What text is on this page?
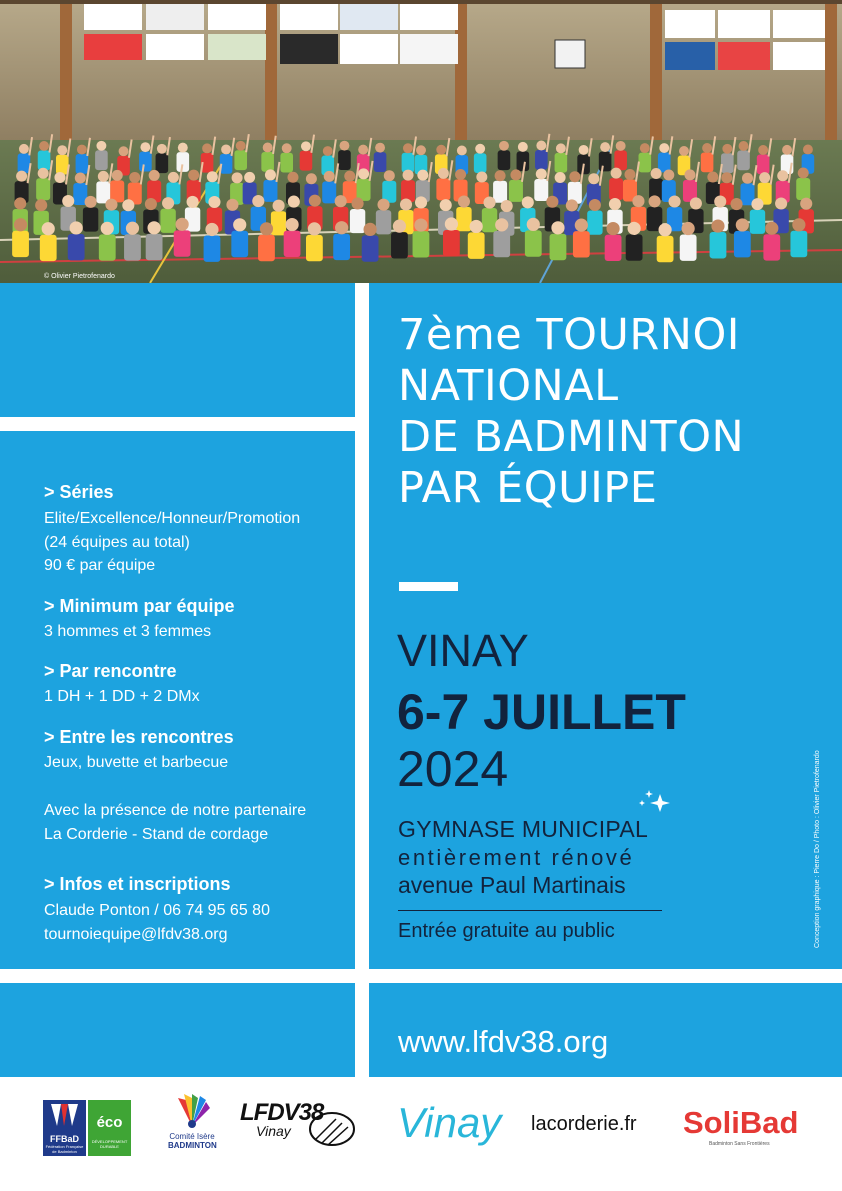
© Olivier Pietrofenardo
7ème TOURNOI
NATIONAL
DE BADMINTON
PAR ÉQUIPE
VINAY
6-7 JUILLET
2024
GYMNASE MUNICIPAL
entièrement rénové
avenue Paul Martinais
Entrée gratuite au public	Conception graphique : Pierre Do / Photo : Olivier Pietrofenardo
www.lfdv38.org
> Séries
Elite/Excellence/Honneur/Promotion
(24 équipes au total)
90 € par équipe
> Minimum par équipe
3 hommes et 3 femmes
> Par rencontre
1 DH + 1 DD + 2 DMx
> Entre les rencontres
Jeux, buvette et barbecue
Avec la présence de notre partenaire
La Corderie - Stand de cordage
> Infos et inscriptions
Claude Ponton / 06 74 95 65 80
tournoiequipe@lfdv38.org
FFBaD
Fédération Française de Badminton
éco
DÉVELOPPEMENT DURABLE
Comité Isère
BADMINTON
LFDV38
Vinay	Vinay lacorderie.fr SoliBad
Badminton Sans Frontières
